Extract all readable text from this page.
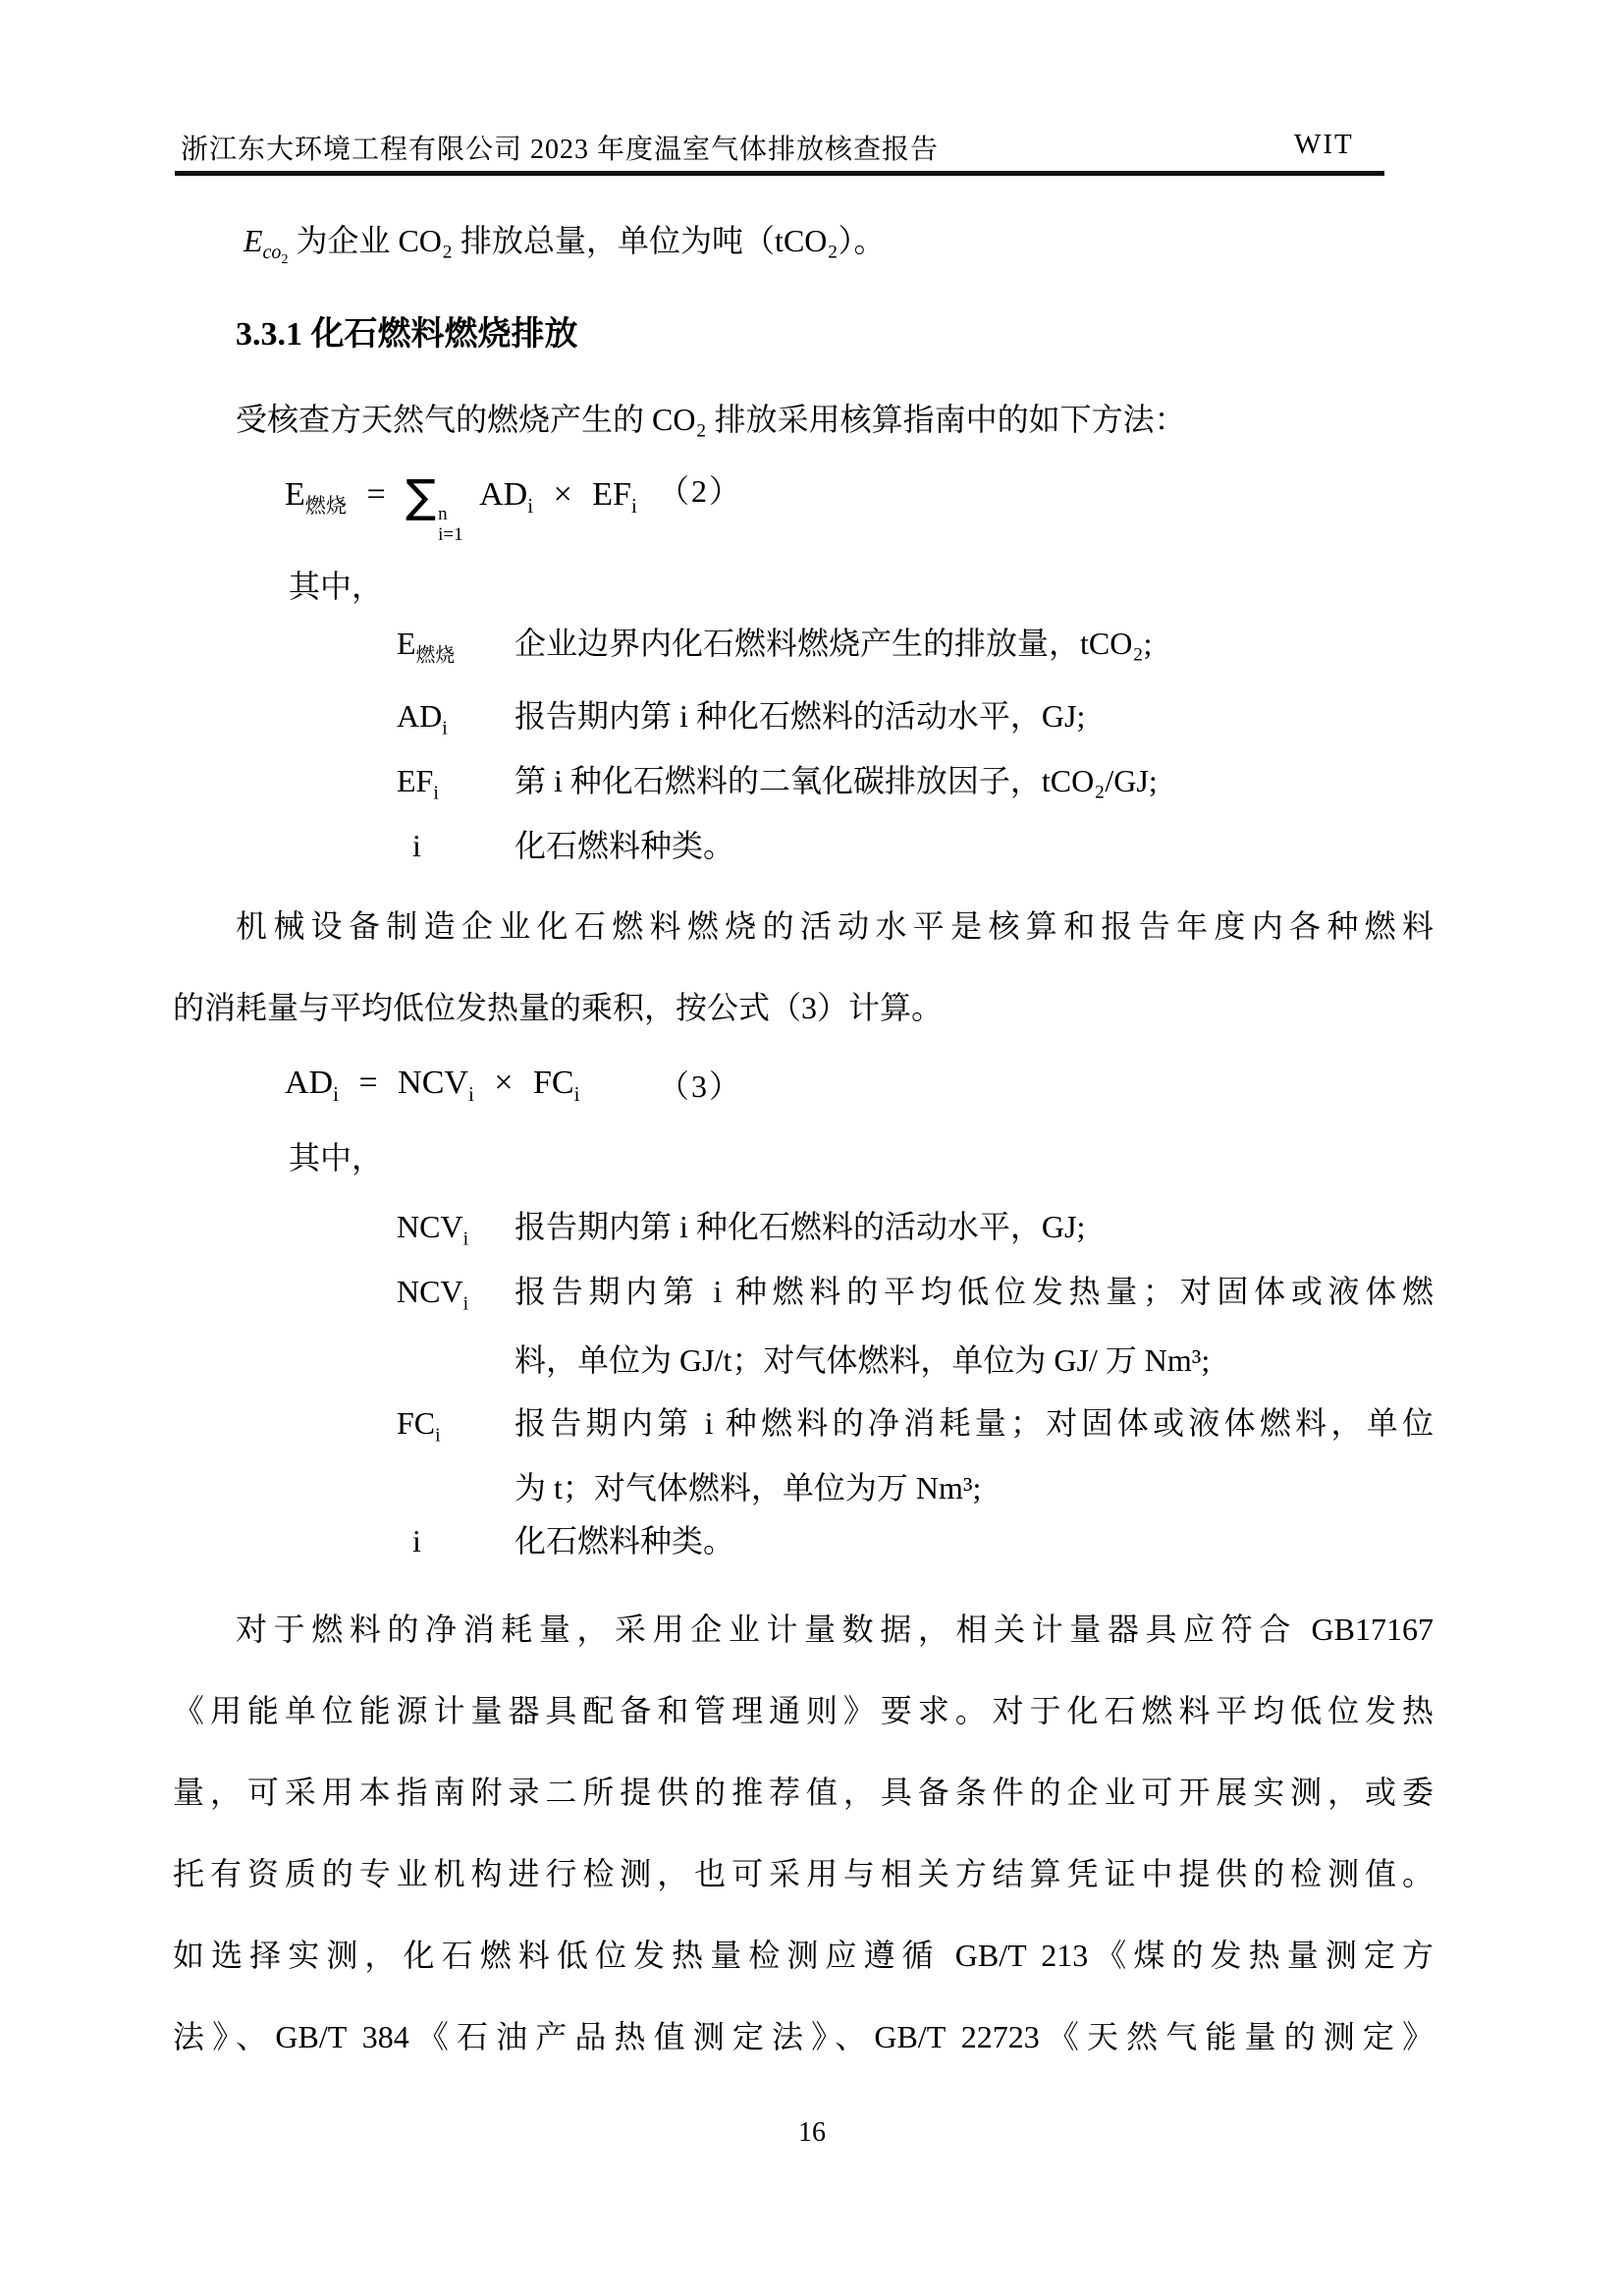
浙江东大环境工程有限公司 2023 年度温室气体排放核查报告	WIT
$E_{co_2}$ 为企业 CO₂ 排放总量，单位为吨（tCO₂）。
3.3.1 化石燃料燃烧排放
受核查方天然气的燃烧产生的 CO₂ 排放采用核算指南中的如下方法：
$E_{燃烧}$ = ∑ n
i=1
$AD_i \times EF_i$ （2）
其中，
$E_{燃烧}$ 企业边界内化石燃料燃烧产生的排放量，tCO₂;
$AD_i$ 报告期内第 i 种化石燃料的活动水平，GJ;
$EF_i$ 第 i 种化石燃料的二氧化碳排放因子，tCO₂/GJ;
i	化石燃料种类。
机械设备制造企业化石燃料燃烧的活动水平是核算和报告年度内各种燃料
的消耗量与平均低位发热量的乘积，按公式（3）计算。
$AD_i = NCV_i \times FC_i$ （3）
其中，
$NCV_i$ 报告期内第 i 种化石燃料的活动水平，GJ;
$NCV_i$ 报告期内第 i 种燃料的平均低位发热量；对固体或液体燃
料，单位为 GJ/t；对气体燃料，单位为 GJ/ 万 Nm³;
$FC_i$ 报告期内第 i 种燃料的净消耗量；对固体或液体燃料，单位
为 t；对气体燃料，单位为万 Nm³;
i	化石燃料种类。
对于燃料的净消耗量，采用企业计量数据，相关计量器具应符合 GB17167
《用能单位能源计量器具配备和管理通则》要求。对于化石燃料平均低位发热
量，可采用本指南附录二所提供的推荐值，具备条件的企业可开展实测，或委
托有资质的专业机构进行检测，也可采用与相关方结算凭证中提供的检测值。
如选择实测，化石燃料低位发热量检测应遵循 GB/T 213《煤的发热量测定方
法》、GB/T 384《石油产品热值测定法》、GB/T 22723《天然气能量的测定》
16
